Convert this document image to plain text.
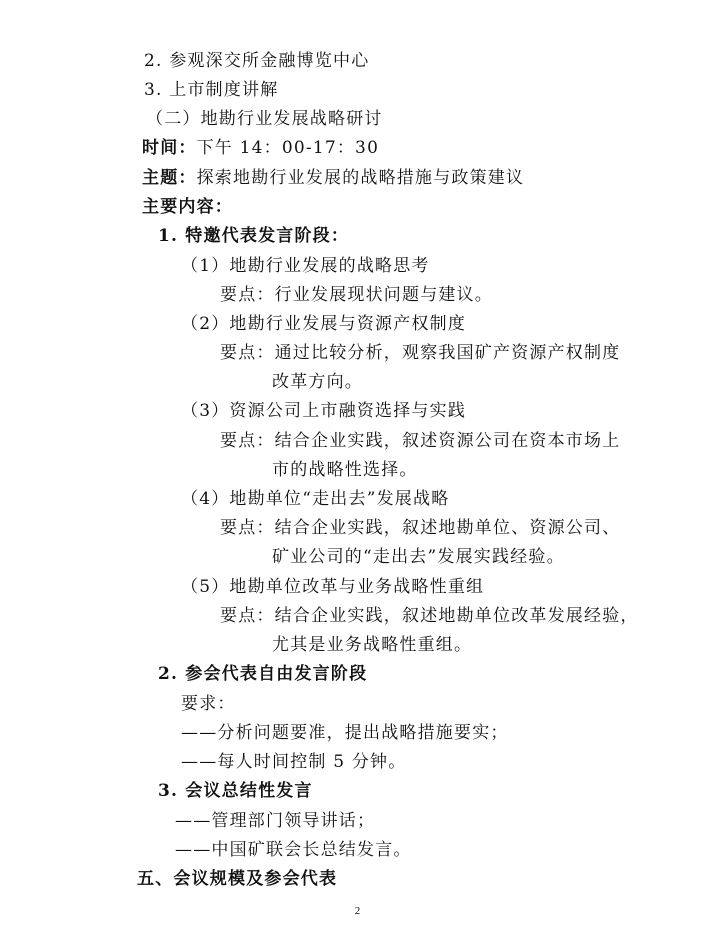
2. 参观深交所金融博览中心
3. 上市制度讲解
（二）地勘行业发展战略研讨
时间：下午 14：00-17：30
主题：探索地勘行业发展的战略措施与政策建议
主要内容：
1. 特邀代表发言阶段：
（1）地勘行业发展的战略思考
要点：行业发展现状问题与建议。
（2）地勘行业发展与资源产权制度
要点：通过比较分析，观察我国矿产资源产权制度
改革方向。
（3）资源公司上市融资选择与实践
要点：结合企业实践，叙述资源公司在资本市场上
市的战略性选择。
（4）地勘单位“走出去”发展战略
要点：结合企业实践，叙述地勘单位、资源公司、
矿业公司的“走出去”发展实践经验。
（5）地勘单位改革与业务战略性重组
要点：结合企业实践，叙述地勘单位改革发展经验，
尤其是业务战略性重组。
2. 参会代表自由发言阶段
要求：
——分析问题要准，提出战略措施要实；
——每人时间控制 5 分钟。
3. 会议总结性发言
——管理部门领导讲话；
——中国矿联会长总结发言。
五、会议规模及参会代表
2
